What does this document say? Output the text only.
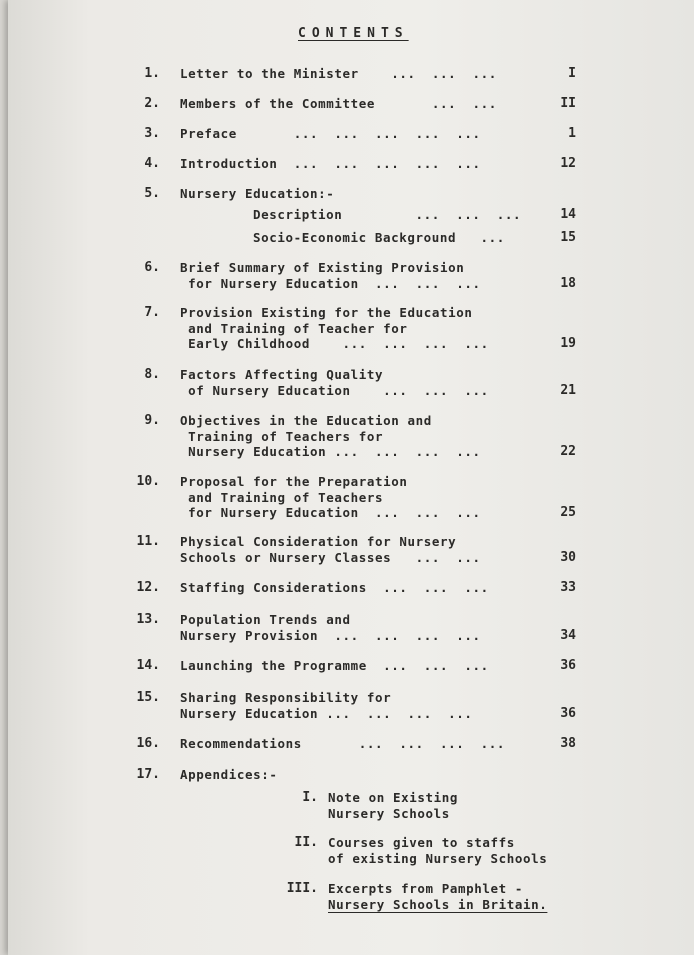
CONTENTS
1. Letter to the Minister    ...  ...  ...	I
2. Members of the Committee       ...  ...	II
3. Preface       ...  ...  ...  ...  ...	1
4. Introduction  ...  ...  ...  ...  ...	12
5. Nursery Education:-
Description         ...  ...  ...	14
Socio-Economic Background   ...	15
6. Brief Summary of Existing Provision
for Nursery Education  ...  ...  ...	18
7. Provision Existing for the Education
and Training of Teacher for
Early Childhood    ...  ...  ...  ...	19
8. Factors Affecting Quality
of Nursery Education    ...  ...  ...	21
9. Objectives in the Education and
Training of Teachers for
Nursery Education ...  ...  ...  ...	22
10. Proposal for the Preparation
and Training of Teachers
for Nursery Education  ...  ...  ...	25
11. Physical Consideration for Nursery
Schools or Nursery Classes   ...  ...	30
12. Staffing Considerations  ...  ...  ...	33
13. Population Trends and
Nursery Provision  ...  ...  ...  ...	34
14. Launching the Programme  ...  ...  ...	36
15. Sharing Responsibility for
Nursery Education ...  ...  ...  ...	36
16. Recommendations       ...  ...  ...  ...	38
17. Appendices:-
I. Note on Existing
Nursery Schools
II. Courses given to staffs
of existing Nursery Schools
III. Excerpts from Pamphlet -
Nursery Schools in Britain.
